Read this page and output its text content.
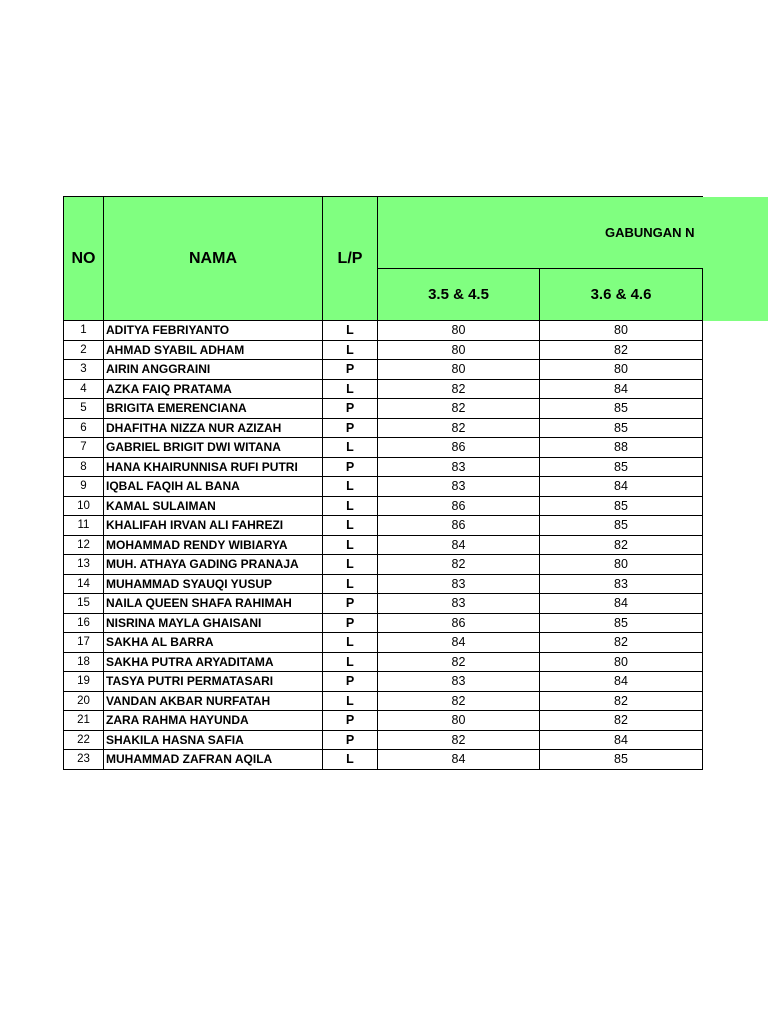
NO	NAMA	L/P	GABUNGAN N	
			3.5 & 4.5	3.6 & 4.6
1	ADITYA FEBRIYANTO	L	80	80
2	AHMAD SYABIL ADHAM	L	80	82
3	AIRIN ANGGRAINI	P	80	80
4	AZKA FAIQ PRATAMA	L	82	84
5	BRIGITA EMERENCIANA	P	82	85
6	DHAFITHA NIZZA NUR AZIZAH	P	82	85
7	GABRIEL BRIGIT DWI WITANA	L	86	88
8	HANA KHAIRUNNISA RUFI PUTRI	P	83	85
9	IQBAL FAQIH AL BANA	L	83	84
10	KAMAL SULAIMAN	L	86	85
11	KHALIFAH IRVAN ALI FAHREZI	L	86	85
12	MOHAMMAD RENDY WIBIARYA	L	84	82
13	MUH. ATHAYA GADING PRANAJA	L	82	80
14	MUHAMMAD SYAUQI YUSUP	L	83	83
15	NAILA QUEEN SHAFA RAHIMAH	P	83	84
16	NISRINA MAYLA GHAISANI	P	86	85
17	SAKHA AL BARRA	L	84	82
18	SAKHA PUTRA ARYADITAMA	L	82	80
19	TASYA PUTRI PERMATASARI	P	83	84
20	VANDAN AKBAR NURFATAH	L	82	82
21	ZARA RAHMA HAYUNDA	P	80	82
22	SHAKILA HASNA SAFIA	P	82	84
23	MUHAMMAD ZAFRAN AQILA	L	84	85
